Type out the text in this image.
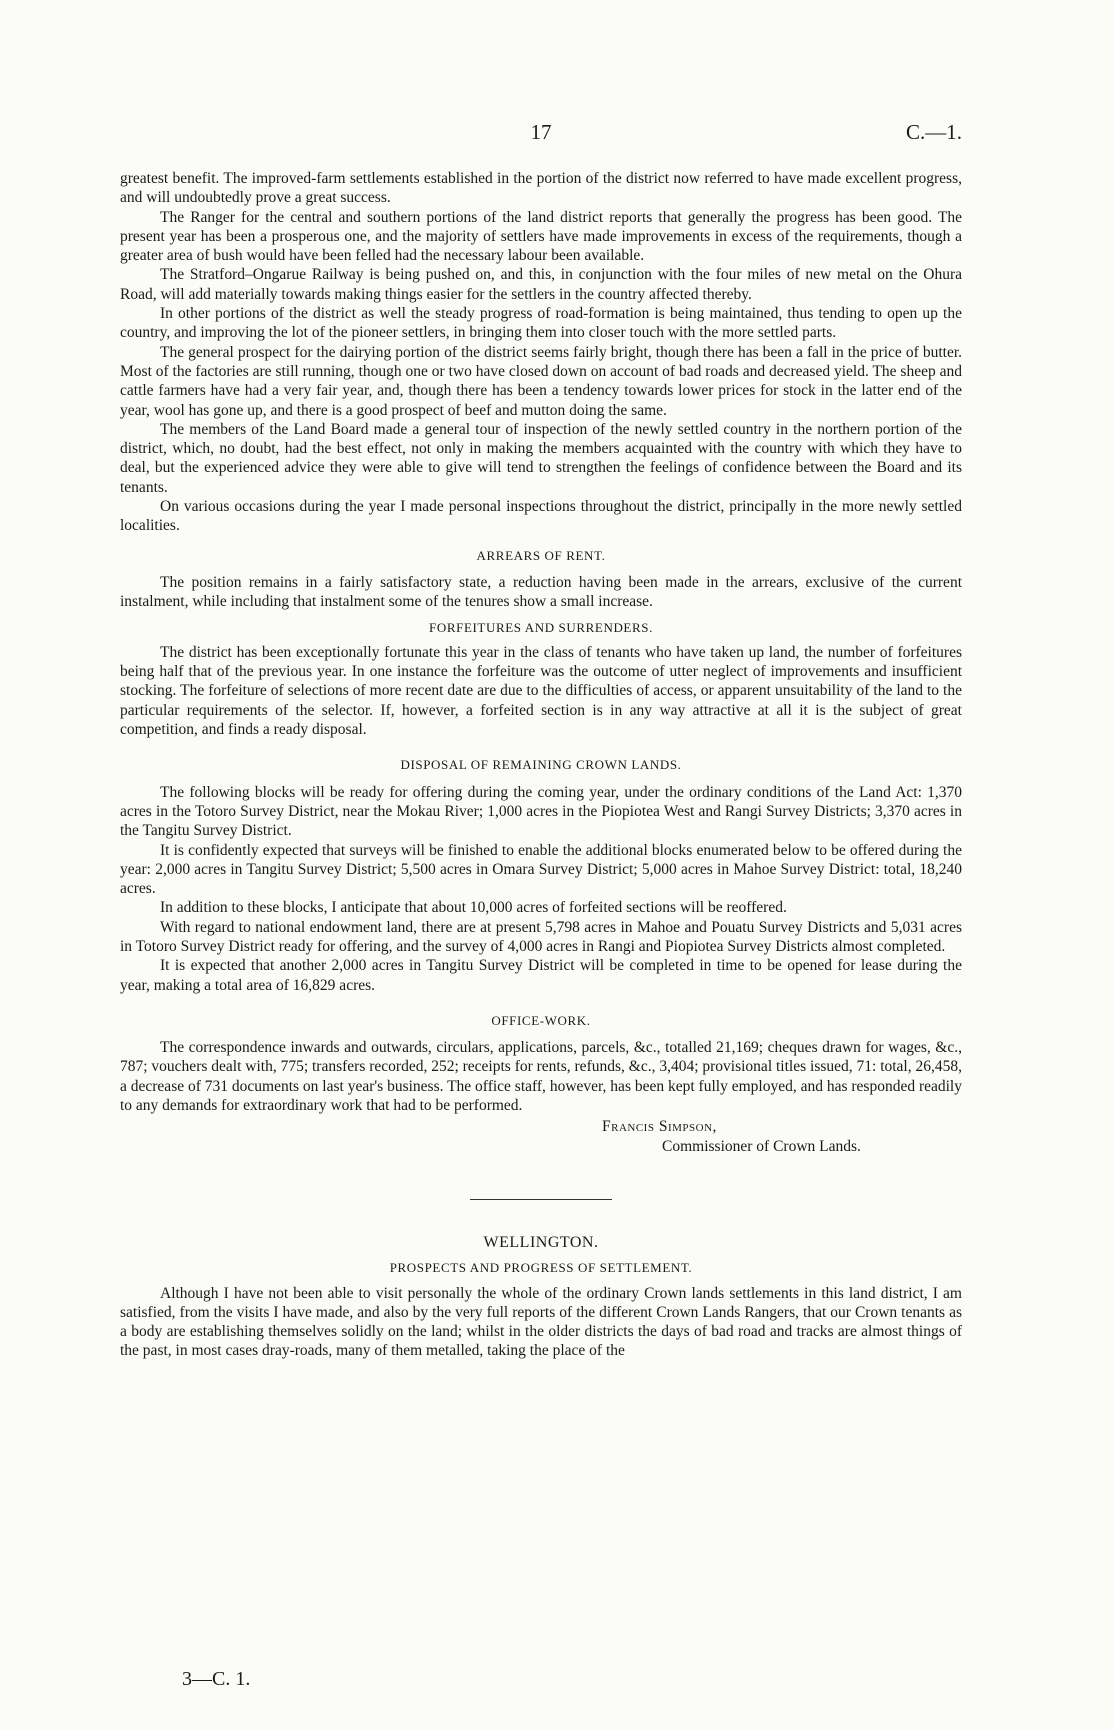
17	C.—1.

greatest benefit. The improved-farm settlements established in the portion of the district now referred to have made excellent progress, and will undoubtedly prove a great success.

The Ranger for the central and southern portions of the land district reports that generally the progress has been good. The present year has been a prosperous one, and the majority of settlers have made improvements in excess of the requirements, though a greater area of bush would have been felled had the necessary labour been available.

The Stratford–Ongarue Railway is being pushed on, and this, in conjunction with the four miles of new metal on the Ohura Road, will add materially towards making things easier for the settlers in the country affected thereby.

In other portions of the district as well the steady progress of road-formation is being maintained, thus tending to open up the country, and improving the lot of the pioneer settlers, in bringing them into closer touch with the more settled parts.

The general prospect for the dairying portion of the district seems fairly bright, though there has been a fall in the price of butter. Most of the factories are still running, though one or two have closed down on account of bad roads and decreased yield. The sheep and cattle farmers have had a very fair year, and, though there has been a tendency towards lower prices for stock in the latter end of the year, wool has gone up, and there is a good prospect of beef and mutton doing the same.

The members of the Land Board made a general tour of inspection of the newly settled country in the northern portion of the district, which, no doubt, had the best effect, not only in making the members acquainted with the country with which they have to deal, but the experienced advice they were able to give will tend to strengthen the feelings of confidence between the Board and its tenants.

On various occasions during the year I made personal inspections throughout the district, principally in the more newly settled localities.

ARREARS OF RENT.

The position remains in a fairly satisfactory state, a reduction having been made in the arrears, exclusive of the current instalment, while including that instalment some of the tenures show a small increase.

FORFEITURES AND SURRENDERS.

The district has been exceptionally fortunate this year in the class of tenants who have taken up land, the number of forfeitures being half that of the previous year. In one instance the forfeiture was the outcome of utter neglect of improvements and insufficient stocking. The forfeiture of selections of more recent date are due to the difficulties of access, or apparent unsuitability of the land to the particular requirements of the selector. If, however, a forfeited section is in any way attractive at all it is the subject of great competition, and finds a ready disposal.

DISPOSAL OF REMAINING CROWN LANDS.

The following blocks will be ready for offering during the coming year, under the ordinary conditions of the Land Act: 1,370 acres in the Totoro Survey District, near the Mokau River; 1,000 acres in the Piopiotea West and Rangi Survey Districts; 3,370 acres in the Tangitu Survey District.

It is confidently expected that surveys will be finished to enable the additional blocks enumerated below to be offered during the year: 2,000 acres in Tangitu Survey District; 5,500 acres in Omara Survey District; 5,000 acres in Mahoe Survey District: total, 18,240 acres.

In addition to these blocks, I anticipate that about 10,000 acres of forfeited sections will be reoffered.

With regard to national endowment land, there are at present 5,798 acres in Mahoe and Pouatu Survey Districts and 5,031 acres in Totoro Survey District ready for offering, and the survey of 4,000 acres in Rangi and Piopiotea Survey Districts almost completed.

It is expected that another 2,000 acres in Tangitu Survey District will be completed in time to be opened for lease during the year, making a total area of 16,829 acres.

OFFICE-WORK.

The correspondence inwards and outwards, circulars, applications, parcels, &c., totalled 21,169; cheques drawn for wages, &c., 787; vouchers dealt with, 775; transfers recorded, 252; receipts for rents, refunds, &c., 3,404; provisional titles issued, 71: total, 26,458, a decrease of 731 documents on last year's business. The office staff, however, has been kept fully employed, and has responded readily to any demands for extraordinary work that had to be performed.

Francis Simpson,
Commissioner of Crown Lands.
WELLINGTON.
PROSPECTS AND PROGRESS OF SETTLEMENT.

Although I have not been able to visit personally the whole of the ordinary Crown lands settlements in this land district, I am satisfied, from the visits I have made, and also by the very full reports of the different Crown Lands Rangers, that our Crown tenants as a body are establishing themselves solidly on the land; whilst in the older districts the days of bad road and tracks are almost things of the past, in most cases dray-roads, many of them metalled, taking the place of the

3—C. 1.
